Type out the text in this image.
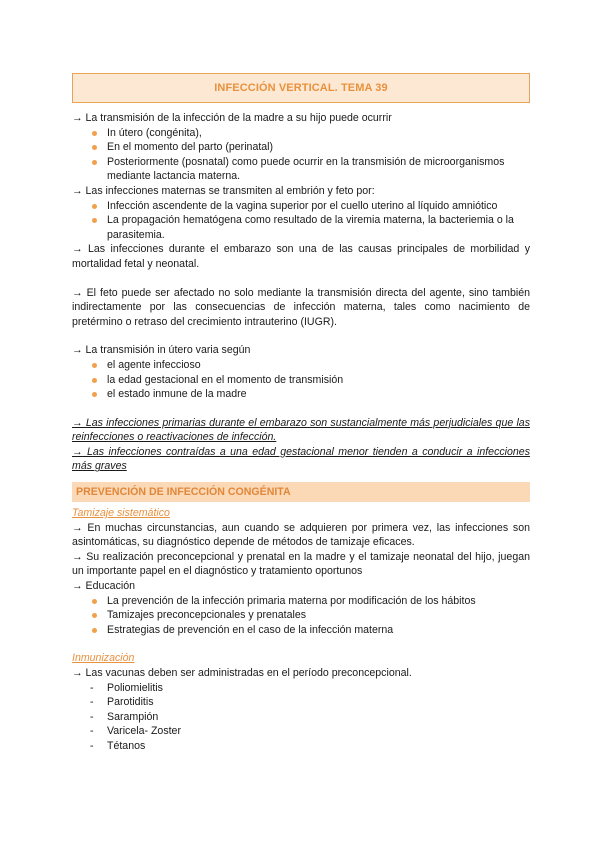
INFECCIÓN VERTICAL. TEMA 39
→ La transmisión de la infección de la madre a su hijo puede ocurrir
In útero (congénita),
En el momento del parto (perinatal)
Posteriormente (posnatal) como puede ocurrir en la transmisión de microorganismos mediante lactancia materna.
→ Las infecciones maternas se transmiten al embrión y feto por:
Infección ascendente de la vagina superior por el cuello uterino al líquido amniótico
La propagación hematógena como resultado de la viremia materna, la bacteriemia o la parasitemia.
→ Las infecciones durante el embarazo son una de las causas principales de morbilidad y mortalidad fetal y neonatal.
→ El feto puede ser afectado no solo mediante la transmisión directa del agente, sino también indirectamente por las consecuencias de infección materna, tales como nacimiento de pretérmino o retraso del crecimiento intrauterino (IUGR).
→ La transmisión in útero varia según
el agente infeccioso
la edad gestacional en el momento de transmisión
el estado inmune de la madre
→ Las infecciones primarias durante el embarazo son sustancialmente más perjudiciales que las reinfecciones o reactivaciones de infección.
→ Las infecciones contraídas a una edad gestacional menor tienden a conducir a infecciones más graves
PREVENCIÓN DE INFECCIÓN CONGÉNITA
Tamizaje sistemático
→ En muchas circunstancias, aun cuando se adquieren por primera vez, las infecciones son asintomáticas, su diagnóstico depende de métodos de tamizaje eficaces.
→ Su realización preconcepcional y prenatal en la madre y el tamizaje neonatal del hijo, juegan un importante papel en el diagnóstico y tratamiento oportunos
→ Educación
La prevención de la infección primaria materna por modificación de los hábitos
Tamizajes preconcepcionales y prenatales
Estrategias de prevención en el caso de la infección materna
Inmunización
→ Las vacunas deben ser administradas en el período preconcepcional.
- Poliomielitis
- Parotiditis
- Sarampión
- Varicela- Zoster
- Tétanos
